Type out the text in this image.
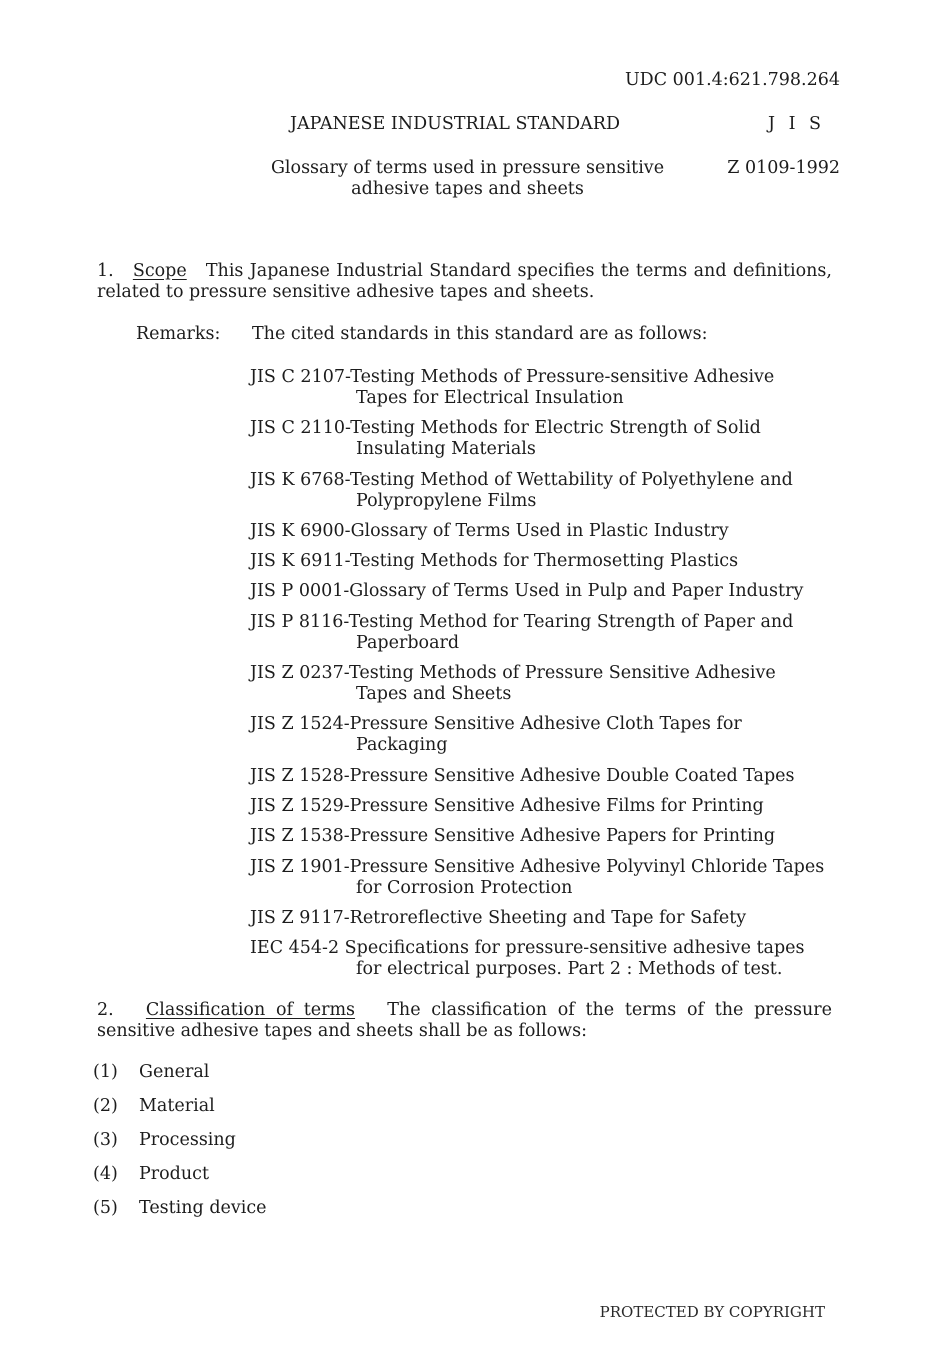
UDC 001.4:621.798.264
JAPANESE INDUSTRIAL STANDARD	J I S
Glossary of terms used in pressure sensitive
adhesive tapes and sheets
Z 0109-1992
1. Scope This Japanese Industrial Standard specifies the terms and definitions, related to pressure sensitive adhesive tapes and sheets.
Remarks: The cited standards in this standard are as follows:
JIS C 2107-Testing Methods of Pressure-sensitive Adhesive
Tapes for Electrical Insulation
JIS C 2110-Testing Methods for Electric Strength of Solid
Insulating Materials
JIS K 6768-Testing Method of Wettability of Polyethylene and
Polypropylene Films
JIS K 6900-Glossary of Terms Used in Plastic Industry
JIS K 6911-Testing Methods for Thermosetting Plastics
JIS P 0001-Glossary of Terms Used in Pulp and Paper Industry
JIS P 8116-Testing Method for Tearing Strength of Paper and
Paperboard
JIS Z 0237-Testing Methods of Pressure Sensitive Adhesive
Tapes and Sheets
JIS Z 1524-Pressure Sensitive Adhesive Cloth Tapes for
Packaging
JIS Z 1528-Pressure Sensitive Adhesive Double Coated Tapes
JIS Z 1529-Pressure Sensitive Adhesive Films for Printing
JIS Z 1538-Pressure Sensitive Adhesive Papers for Printing
JIS Z 1901-Pressure Sensitive Adhesive Polyvinyl Chloride Tapes
for Corrosion Protection
JIS Z 9117-Retroreflective Sheeting and Tape for Safety
IEC 454-2 Specifications for pressure-sensitive adhesive tapes
for electrical purposes. Part 2 : Methods of test.
2. Classification of terms The classification of the terms of the pressure sensitive adhesive tapes and sheets shall be as follows:
(1) General
(2) Material
(3) Processing
(4) Product
(5) Testing device
PROTECTED BY COPYRIGHT
